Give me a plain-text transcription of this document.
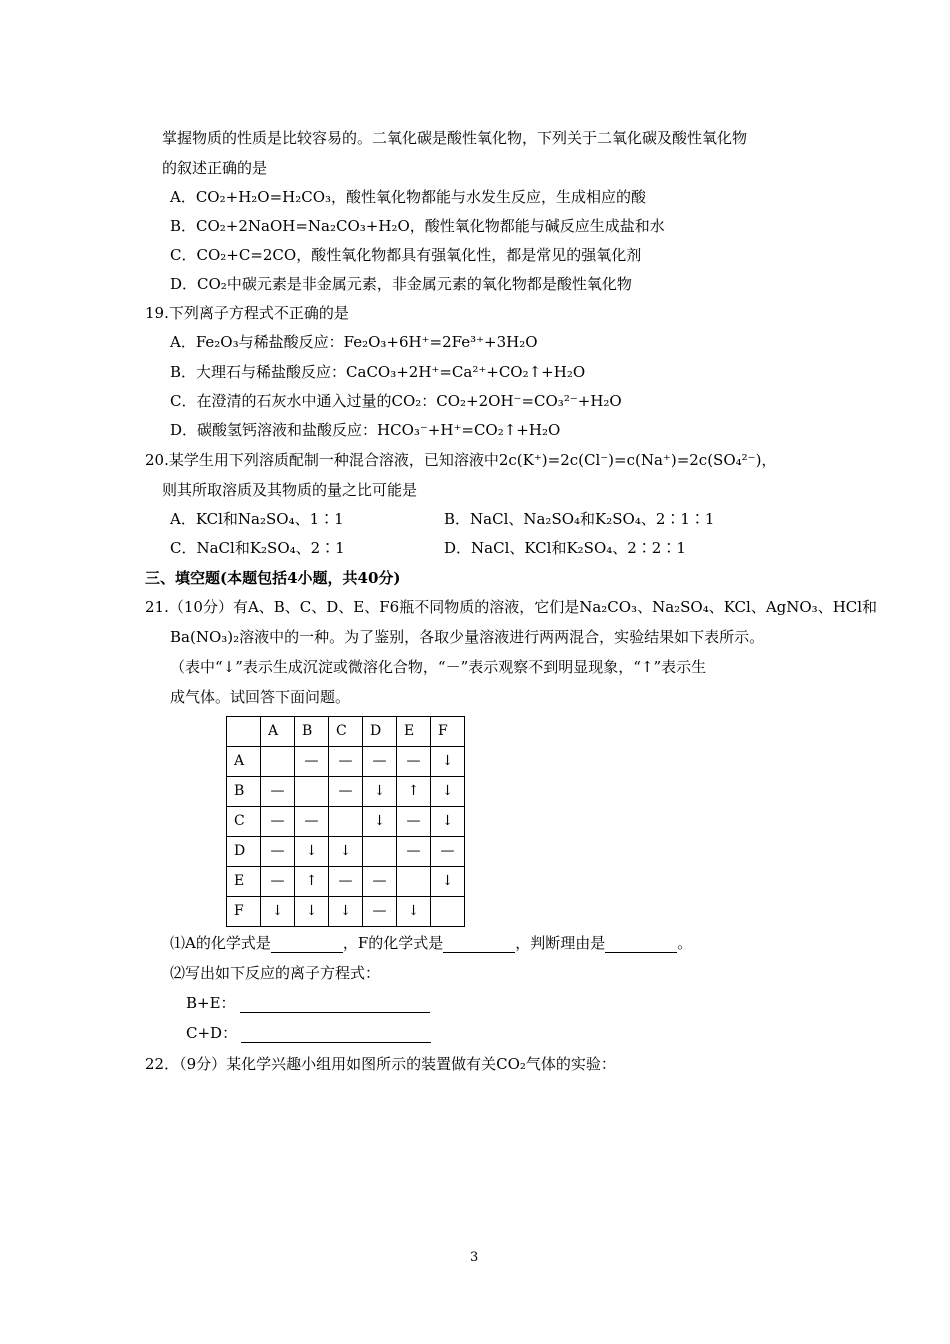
掌握物质的性质是比较容易的。二氧化碳是酸性氧化物，下列关于二氧化碳及酸性氧化物
的叙述正确的是
A．CO₂+H₂O=H₂CO₃，酸性氧化物都能与水发生反应，生成相应的酸
B．CO₂+2NaOH=Na₂CO₃+H₂O，酸性氧化物都能与碱反应生成盐和水
C．CO₂+C=2CO，酸性氧化物都具有强氧化性，都是常见的强氧化剂
D．CO₂中碳元素是非金属元素，非金属元素的氧化物都是酸性氧化物
19.下列离子方程式不正确的是
A．Fe₂O₃与稀盐酸反应：Fe₂O₃+6H⁺=2Fe³⁺+3H₂O
B．大理石与稀盐酸反应：CaCO₃+2H⁺=Ca²⁺+CO₂↑+H₂O
C．在澄清的石灰水中通入过量的CO₂：CO₂+2OH⁻=CO₃²⁻+H₂O
D．碳酸氢钙溶液和盐酸反应：HCO₃⁻+H⁺=CO₂↑+H₂O
20.某学生用下列溶质配制一种混合溶液，已知溶液中2c(K⁺)=2c(Cl⁻)=c(Na⁺)=2c(SO₄²⁻)，
则其所取溶质及其物质的量之比可能是
A．KCl和Na₂SO₄、1∶1	B．NaCl、Na₂SO₄和K₂SO₄、2∶1∶1
C．NaCl和K₂SO₄、2∶1	D．NaCl、KCl和K₂SO₄、2∶2∶1
三、填空题(本题包括4小题，共40分)
21.（10分）有A、B、C、D、E、F6瓶不同物质的溶液，它们是Na₂CO₃、Na₂SO₄、KCl、AgNO₃、HCl和
Ba(NO₃)₂溶液中的一种。为了鉴别，各取少量溶液进行两两混合，实验结果如下表所示。
（表中“↓”表示生成沉淀或微溶化合物，“－”表示观察不到明显现象，“↑”表示生
成气体。试回答下面问题。
	A	B	C	D	E	F
A		—	—	—	—	↓
B	—		—	↓	↑	↓
C	—	—		↓	—	↓
D	—	↓	↓		—	—
E	—	↑	—	—		↓
F	↓	↓	↓	—	↓	
⑴A的化学式是	，F的化学式是	，判断理由是	。
⑵写出如下反应的离子方程式：
B+E：
C+D：
22．（9分）某化学兴趣小组用如图所示的装置做有关CO₂气体的实验：
3
